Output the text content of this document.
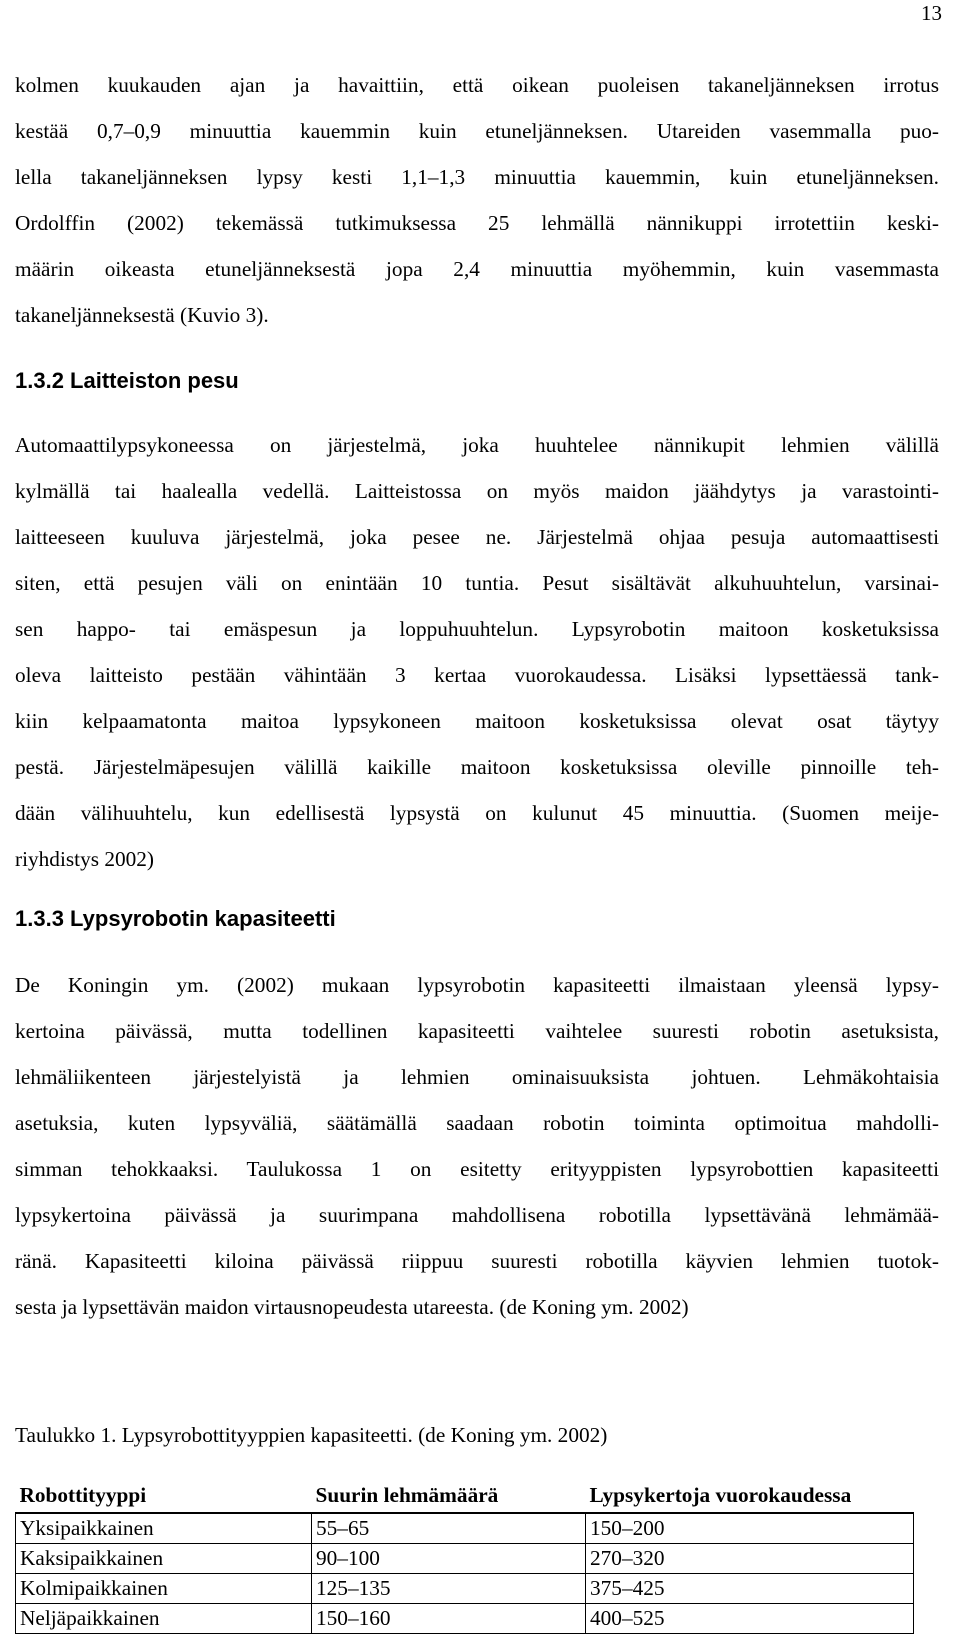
13
kolmen kuukauden ajan ja havaittiin, että oikean puoleisen takaneljänneksen irrotus
kestää 0,7–0,9 minuuttia kauemmin kuin etuneljänneksen. Utareiden vasemmalla puo-
lella takaneljänneksen lypsy kesti 1,1–1,3 minuuttia kauemmin, kuin etuneljänneksen.
Ordolffin (2002) tekemässä tutkimuksessa 25 lehmällä nännikuppi irrotettiin keski-
määrin oikeasta etuneljänneksestä jopa 2,4 minuuttia myöhemmin, kuin vasemmasta
takaneljänneksestä (Kuvio 3).
1.3.2 Laitteiston pesu
Automaattilypsykoneessa on järjestelmä, joka huuhtelee nännikupit lehmien välillä
kylmällä tai haalealla vedellä. Laitteistossa on myös maidon jäähdytys ja varastointi-
laitteeseen kuuluva järjestelmä, joka pesee ne. Järjestelmä ohjaa pesuja automaattisesti
siten, että pesujen väli on enintään 10 tuntia. Pesut sisältävät alkuhuuhtelun, varsinai-
sen happo- tai emäspesun ja loppuhuuhtelun. Lypsyrobotin maitoon kosketuksissa
oleva laitteisto pestään vähintään 3 kertaa vuorokaudessa. Lisäksi lypsettäessä tank-
kiin kelpaamatonta maitoa lypsykoneen maitoon kosketuksissa olevat osat täytyy
pestä. Järjestelmäpesujen välillä kaikille maitoon kosketuksissa oleville pinnoille teh-
dään välihuuhtelu, kun edellisestä lypsystä on kulunut 45 minuuttia. (Suomen meije-
riyhdistys 2002)
1.3.3 Lypsyrobotin kapasiteetti
De Koningin ym. (2002) mukaan lypsyrobotin kapasiteetti ilmaistaan yleensä lypsy-
kertoina päivässä, mutta todellinen kapasiteetti vaihtelee suuresti robotin asetuksista,
lehmäliikenteen järjestelyistä ja lehmien ominaisuuksista johtuen. Lehmäkohtaisia
asetuksia, kuten lypsyväliä, säätämällä saadaan robotin toiminta optimoitua mahdolli-
simman tehokkaaksi. Taulukossa 1 on esitetty erityyppisten lypsyrobottien kapasiteetti
lypsykertoina päivässä ja suurimpana mahdollisena robotilla lypsettävänä lehmämää-
ränä. Kapasiteetti kiloina päivässä riippuu suuresti robotilla käyvien lehmien tuotok-
sesta ja lypsettävän maidon virtausnopeudesta utareesta. (de Koning ym. 2002)
Taulukko 1. Lypsyrobottityyppien kapasiteetti. (de Koning ym. 2002)
Robottityyppi	Suurin lehmämäärä	Lypsykertoja vuorokaudessa
Yksipaikkainen	55–65	150–200
Kaksipaikkainen	90–100	270–320
Kolmipaikkainen	125–135	375–425
Neljäpaikkainen	150–160	400–525
